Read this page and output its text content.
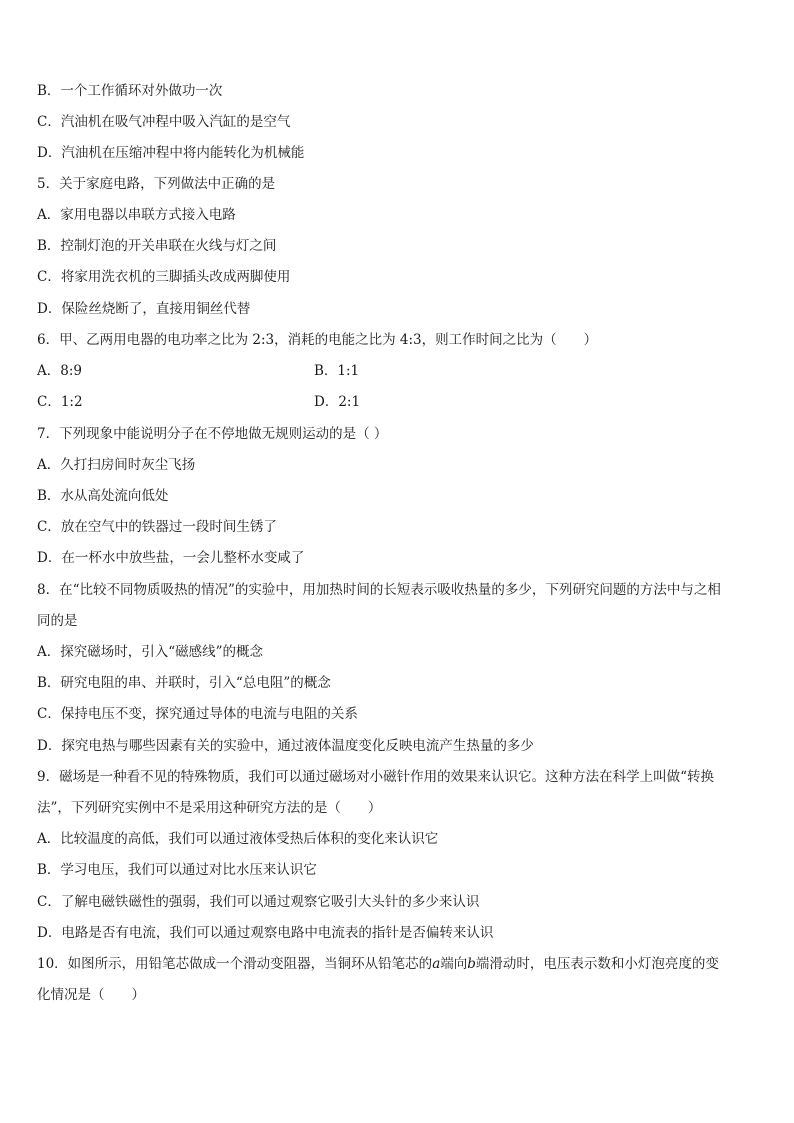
B．一个工作循环对外做功一次
C．汽油机在吸气冲程中吸入汽缸的是空气
D．汽油机在压缩冲程中将内能转化为机械能
5．关于家庭电路，下列做法中正确的是
A．家用电器以串联方式接入电路
B．控制灯泡的开关串联在火线与灯之间
C．将家用洗衣机的三脚插头改成两脚使用
D．保险丝烧断了，直接用铜丝代替
6．甲、乙两用电器的电功率之比为 2:3，消耗的电能之比为 4:3，则工作时间之比为（　　）
A．8:9	B．1:1
C．1:2	D．2:1
7．下列现象中能说明分子在不停地做无规则运动的是（ ）
A．久打扫房间时灰尘飞扬
B．水从高处流向低处
C．放在空气中的铁器过一段时间生锈了
D．在一杯水中放些盐，一会儿整杯水变咸了
8．在“比较不同物质吸热的情况”的实验中，用加热时间的长短表示吸收热量的多少，下列研究问题的方法中与之相
同的是
A．探究磁场时，引入“磁感线”的概念
B．研究电阻的串、并联时，引入“总电阻”的概念
C．保持电压不变，探究通过导体的电流与电阻的关系
D．探究电热与哪些因素有关的实验中，通过液体温度变化反映电流产生热量的多少
9．磁场是一种看不见的特殊物质，我们可以通过磁场对小磁针作用的效果来认识它。这种方法在科学上叫做“转换
法”，下列研究实例中不是采用这种研究方法的是（　　）
A．比较温度的高低，我们可以通过液体受热后体积的变化来认识它
B．学习电压，我们可以通过对比水压来认识它
C．了解电磁铁磁性的强弱，我们可以通过观察它吸引大头针的多少来认识
D．电路是否有电流，我们可以通过观察电路中电流表的指针是否偏转来认识
10．如图所示，用铅笔芯做成一个滑动变阻器，当铜环从铅笔芯的a端向b端滑动时，电压表示数和小灯泡亮度的变
化情况是（　　）
